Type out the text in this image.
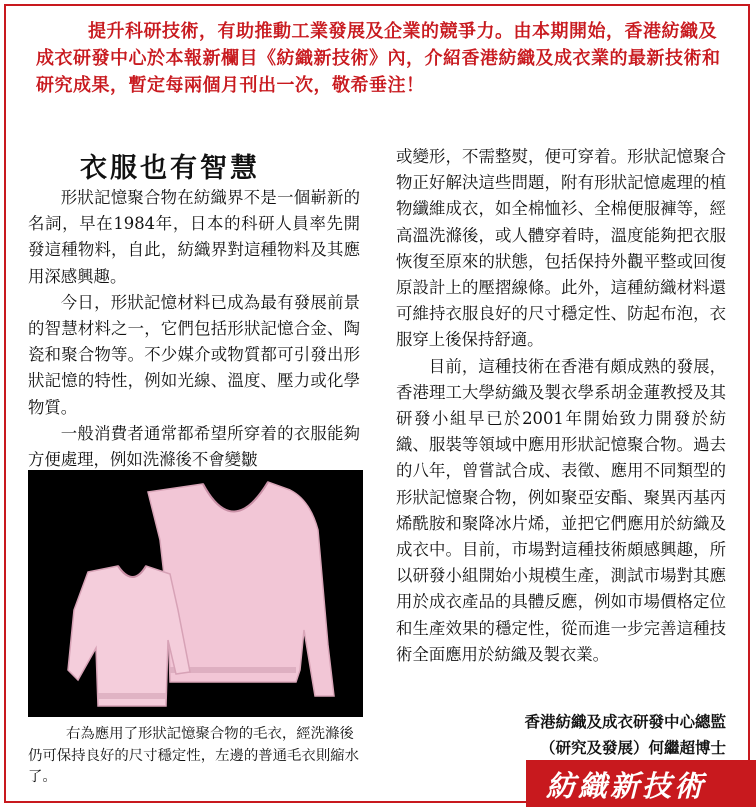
提升科研技術，有助推動工業發展及企業的競爭力。由本期開始，香港紡織及成衣研發中心於本報新欄目《紡織新技術》內，介紹香港紡織及成衣業的最新技術和研究成果，暫定每兩個月刊出一次，敬希垂注！

衣服也有智慧

形狀記憶聚合物在紡織界不是一個嶄新的名詞，早在1984年，日本的科研人員率先開發這種物料，自此，紡織界對這種物料及其應用深感興趣。

今日，形狀記憶材料已成為最有發展前景的智慧材料之一，它們包括形狀記憶合金、陶瓷和聚合物等。不少媒介或物質都可引發出形狀記憶的特性，例如光線、溫度、壓力或化學物質。

一般消費者通常都希望所穿着的衣服能夠方便處理，例如洗滌後不會變皺

右為應用了形狀記憶聚合物的毛衣，經洗滌後仍可保持良好的尺寸穩定性，左邊的普通毛衣則縮水了。

或變形，不需整熨，便可穿着。形狀記憶聚合物正好解決這些問題，附有形狀記憶處理的植物纖維成衣，如全棉恤衫、全棉便服褲等，經高溫洗滌後，或人體穿着時，溫度能夠把衣服恢復至原來的狀態，包括保持外觀平整或回復原設計上的壓摺線條。此外，這種紡織材料還可維持衣服良好的尺寸穩定性、防起布泡，衣服穿上後保持舒適。

目前，這種技術在香港有頗成熟的發展，香港理工大學紡織及製衣學系胡金蓮教授及其研發小組早已於2001年開始致力開發於紡織、服裝等領域中應用形狀記憶聚合物。過去的八年，曾嘗試合成、表徵、應用不同類型的形狀記憶聚合物，例如聚亞安酯、聚異丙基丙烯酰胺和聚降冰片烯，並把它們應用於紡織及成衣中。目前，市場對這種技術頗感興趣，所以研發小組開始小規模生產，測試市場對其應用於成衣產品的具體反應，例如市場價格定位和生產效果的穩定性，從而進一步完善這種技術全面應用於紡織及製衣業。

香港紡織及成衣研發中心總監

（研究及發展）何繼超博士

紡織新技術
